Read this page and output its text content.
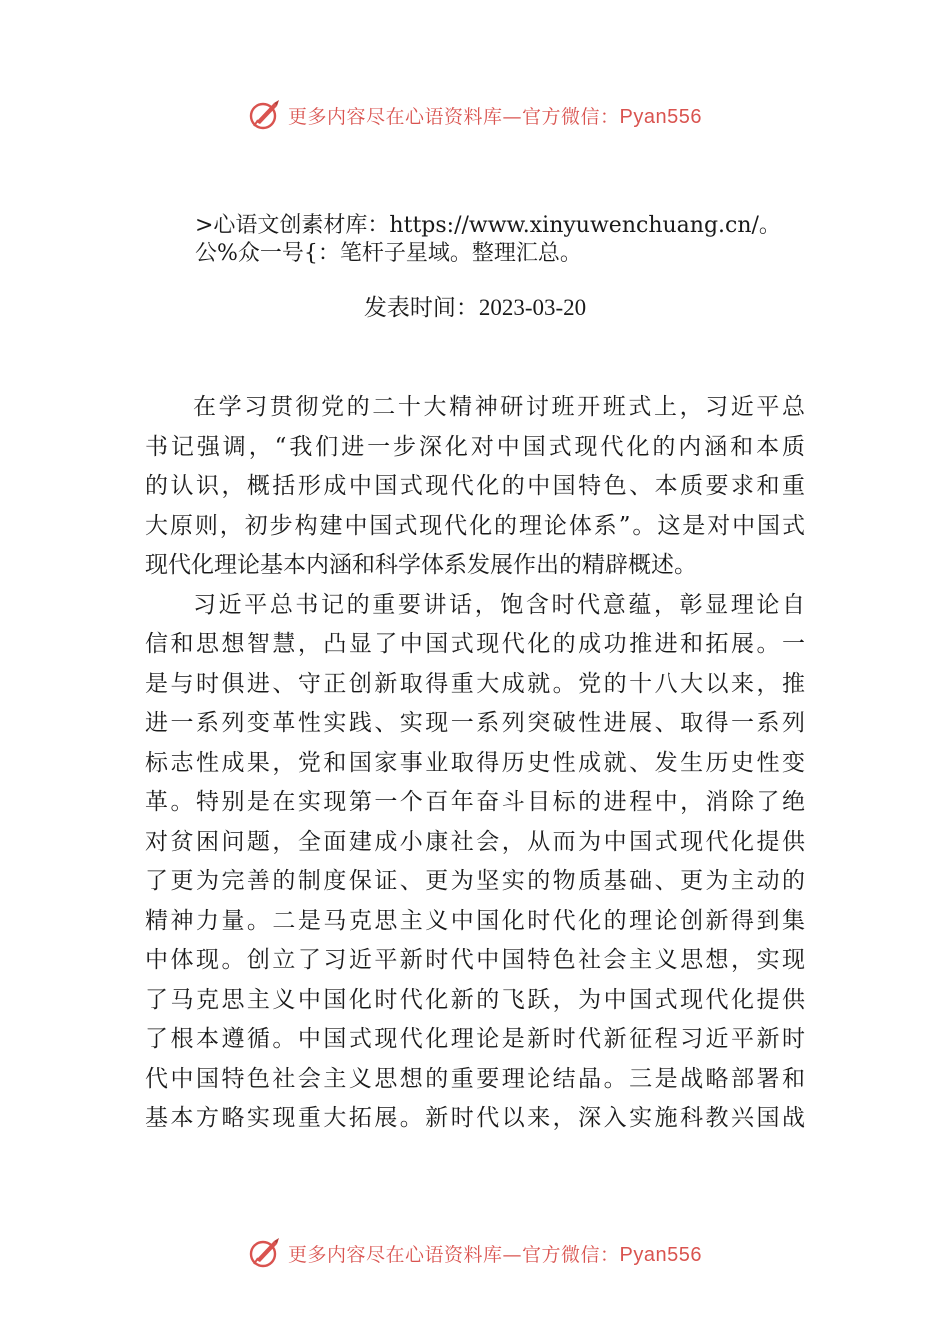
更多内容尽在心语资料库—官方微信：Pyan556
>心语文创素材库：https://www.xinyuwenchuang.cn/。
公%众一号{：笔杆子星域。整理汇总。
发表时间：2023-03-20
在学习贯彻党的二十大精神研讨班开班式上，习近平总
书记强调，“我们进一步深化对中国式现代化的内涵和本质
的认识，概括形成中国式现代化的中国特色、本质要求和重
大原则，初步构建中国式现代化的理论体系”。这是对中国式
现代化理论基本内涵和科学体系发展作出的精辟概述。
习近平总书记的重要讲话，饱含时代意蕴，彰显理论自
信和思想智慧，凸显了中国式现代化的成功推进和拓展。一
是与时俱进、守正创新取得重大成就。党的十八大以来，推
进一系列变革性实践、实现一系列突破性进展、取得一系列
标志性成果，党和国家事业取得历史性成就、发生历史性变
革。特别是在实现第一个百年奋斗目标的进程中，消除了绝
对贫困问题，全面建成小康社会，从而为中国式现代化提供
了更为完善的制度保证、更为坚实的物质基础、更为主动的
精神力量。二是马克思主义中国化时代化的理论创新得到集
中体现。创立了习近平新时代中国特色社会主义思想，实现
了马克思主义中国化时代化新的飞跃，为中国式现代化提供
了根本遵循。中国式现代化理论是新时代新征程习近平新时
代中国特色社会主义思想的重要理论结晶。三是战略部署和
基本方略实现重大拓展。新时代以来，深入实施科教兴国战
更多内容尽在心语资料库—官方微信：Pyan556
